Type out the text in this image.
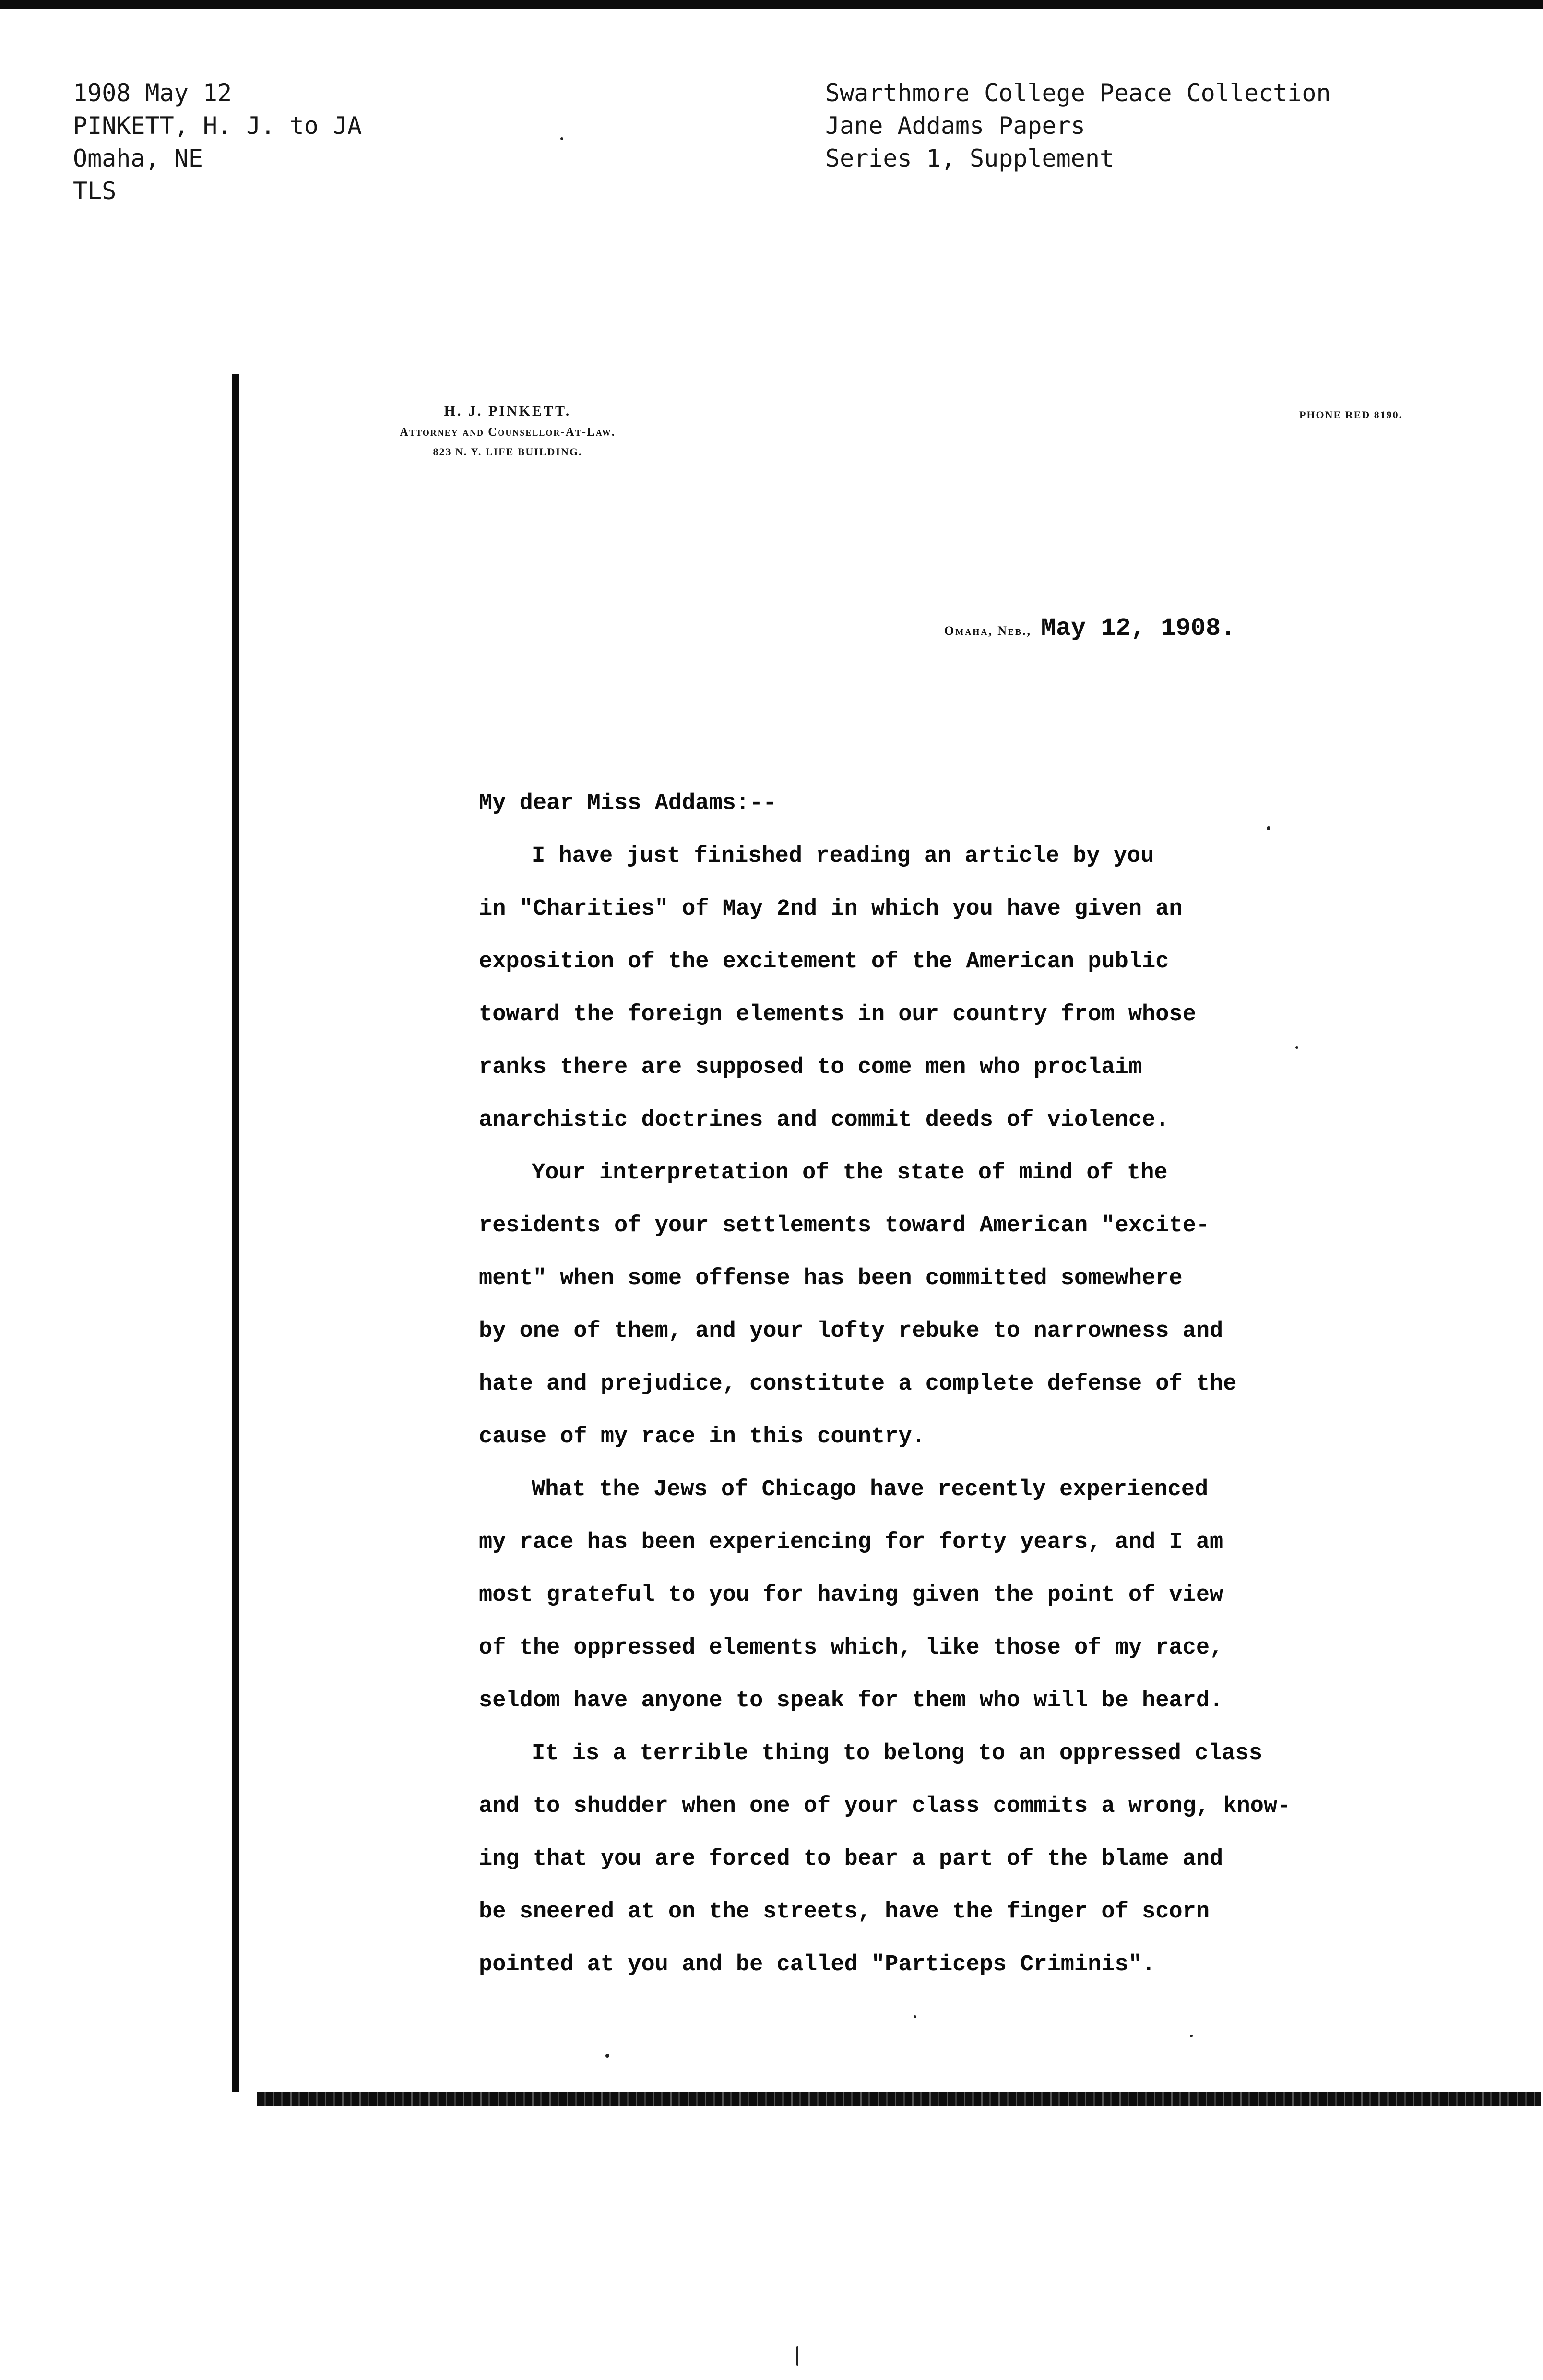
1908 May 12
PINKETT, H. J. to JA
Omaha, NE
TLS
Swarthmore College Peace Collection
Jane Addams Papers
Series 1, Supplement
H. J. PINKETT.
Attorney and Counsellor-At-Law.
823 N. Y. LIFE BUILDING.
PHONE RED 8190.
Omaha, Neb., May 12, 1908.
My dear Miss Addams:--
I have just finished reading an article by you
in "Charities" of May 2nd in which you have given an
exposition of the excitement of the American public
toward the foreign elements in our country from whose
ranks there are supposed to come men who proclaim
anarchistic doctrines and commit deeds of violence.
Your interpretation of the state of mind of the
residents of your settlements toward American "excite-
ment" when some offense has been committed somewhere
by one of them, and your lofty rebuke to narrowness and
hate and prejudice, constitute a complete defense of the
cause of my race in this country.
What the Jews of Chicago have recently experienced
my race has been experiencing for forty years, and I am
most grateful to you for having given the point of view
of the oppressed elements which, like those of my race,
seldom have anyone to speak for them who will be heard.
It is a terrible thing to belong to an oppressed class
and to shudder when one of your class commits a wrong, know-
ing that you are forced to bear a part of the blame and
be sneered at on the streets, have the finger of scorn
pointed at you and be called "Particeps Criminis".
